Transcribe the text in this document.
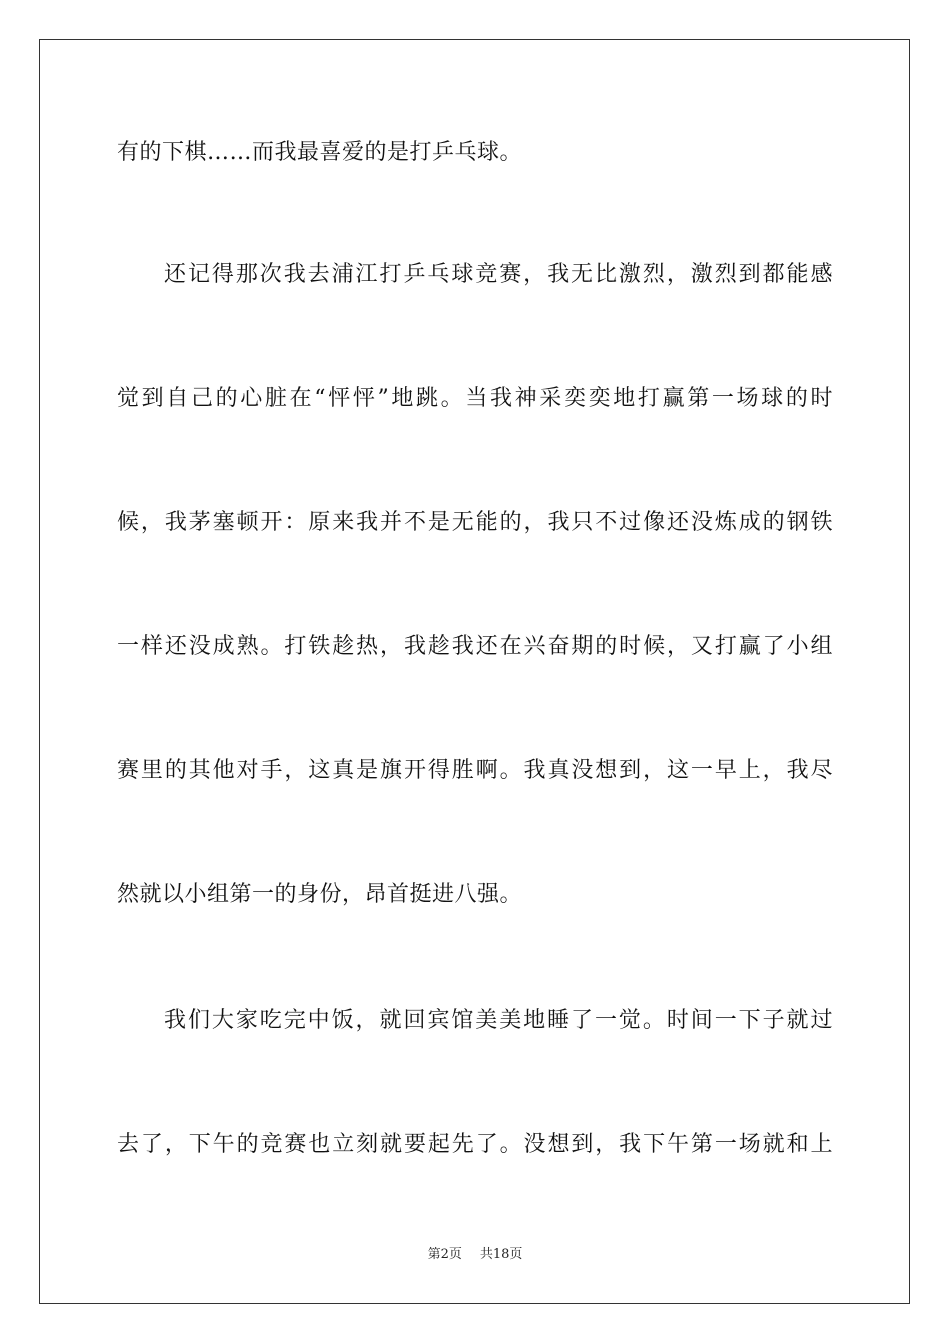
有的下棋……而我最喜爱的是打乒乓球。
还记得那次我去浦江打乒乓球竞赛，我无比激烈，激烈到都能感
觉到自己的心脏在“怦怦”地跳。当我神采奕奕地打赢第一场球的时
候，我茅塞顿开：原来我并不是无能的，我只不过像还没炼成的钢铁
一样还没成熟。打铁趁热，我趁我还在兴奋期的时候，又打赢了小组
赛里的其他对手，这真是旗开得胜啊。我真没想到，这一早上，我尽
然就以小组第一的身份，昂首挺进八强。
我们大家吃完中饭，就回宾馆美美地睡了一觉。时间一下子就过
去了，下午的竞赛也立刻就要起先了。没想到，我下午第一场就和上
第2页 共18页
